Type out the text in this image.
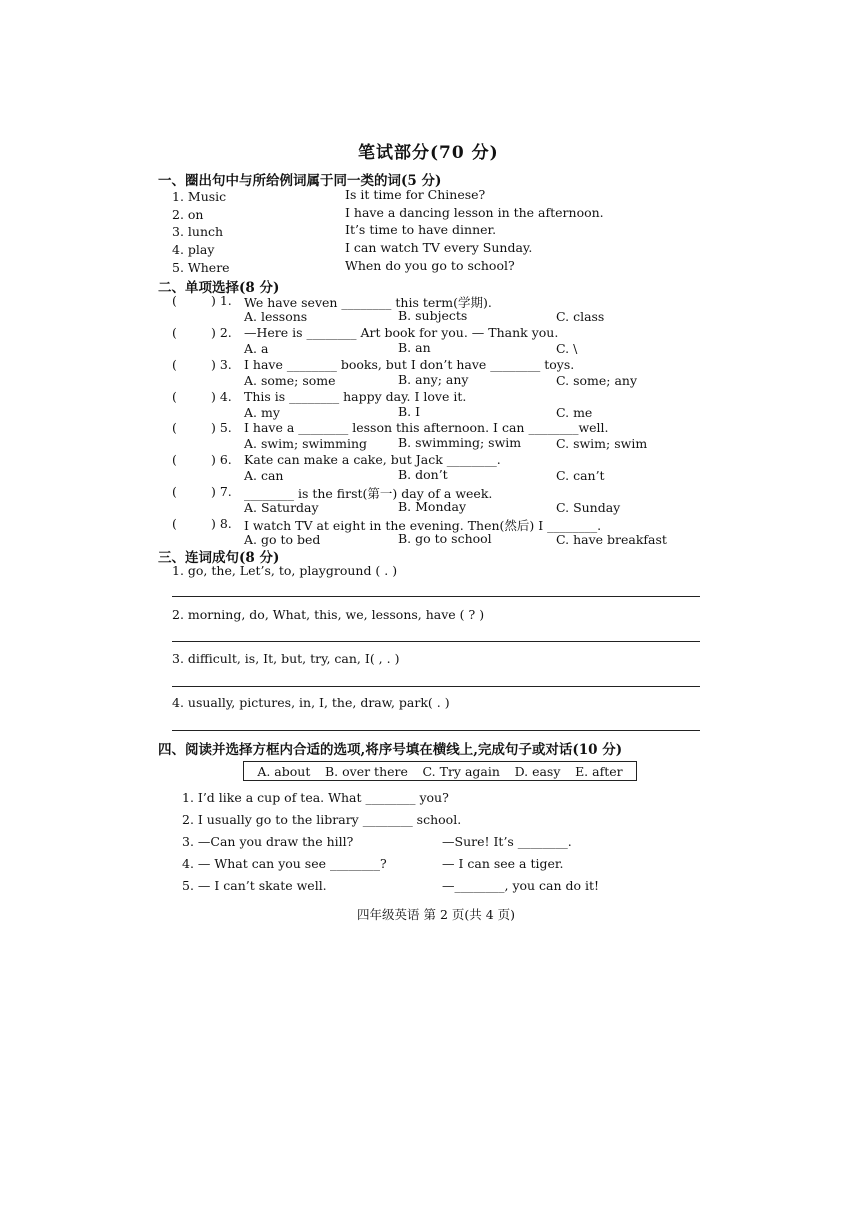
笔试部分(70 分)
一、圈出句中与所给例词属于同一类的词(5 分)
1. Music	Is it time for Chinese?
2. on	I have a dancing lesson in the afternoon.
3. lunch	It’s time to have dinner.
4. play	I can watch TV every Sunday.
5. Where	When do you go to school?
二、单项选择(8 分)
(	) 1. We have seven ________ this term(学期).
A. lessons	B. subjects	C. class
(	) 2. —Here is ________ Art book for you. — Thank you.
A. a	B. an	C. \
(	) 3. I have ________ books, but I don’t have ________ toys.
A. some; some	B. any; any	C. some; any
(	) 4. This is ________ happy day. I love it.
A. my	B. I	C. me
(	) 5. I have a ________ lesson this afternoon. I can ________well.
A. swim; swimming B. swimming; swim	C. swim; swim
(	) 6. Kate can make a cake, but Jack ________.
A. can	B. don’t	C. can’t
(	) 7. ________ is the first(第一) day of a week.
A. Saturday	B. Monday	C. Sunday
(	) 8. I watch TV at eight in the evening. Then(然后) I ________.
A. go to bed	B. go to school	C. have breakfast
三、连词成句(8 分)
1. go, the, Let’s, to, playground ( . )
2. morning, do, What, this, we, lessons, have ( ? )
3. difficult, is, It, but, try, can, I( , . )
4. usually, pictures, in, I, the, draw, park( . )
四、阅读并选择方框内合适的选项,将序号填在横线上,完成句子或对话(10 分)
A. about B. over there C. Try again D. easy E. after
1. I’d like a cup of tea. What ________ you?
2. I usually go to the library ________ school.
3. —Can you draw the hill?	—Sure! It’s ________.
4. — What can you see ________?	— I can see a tiger.
5. — I can’t skate well.	—________, you can do it!
四年级英语 第 2 页(共 4 页)
